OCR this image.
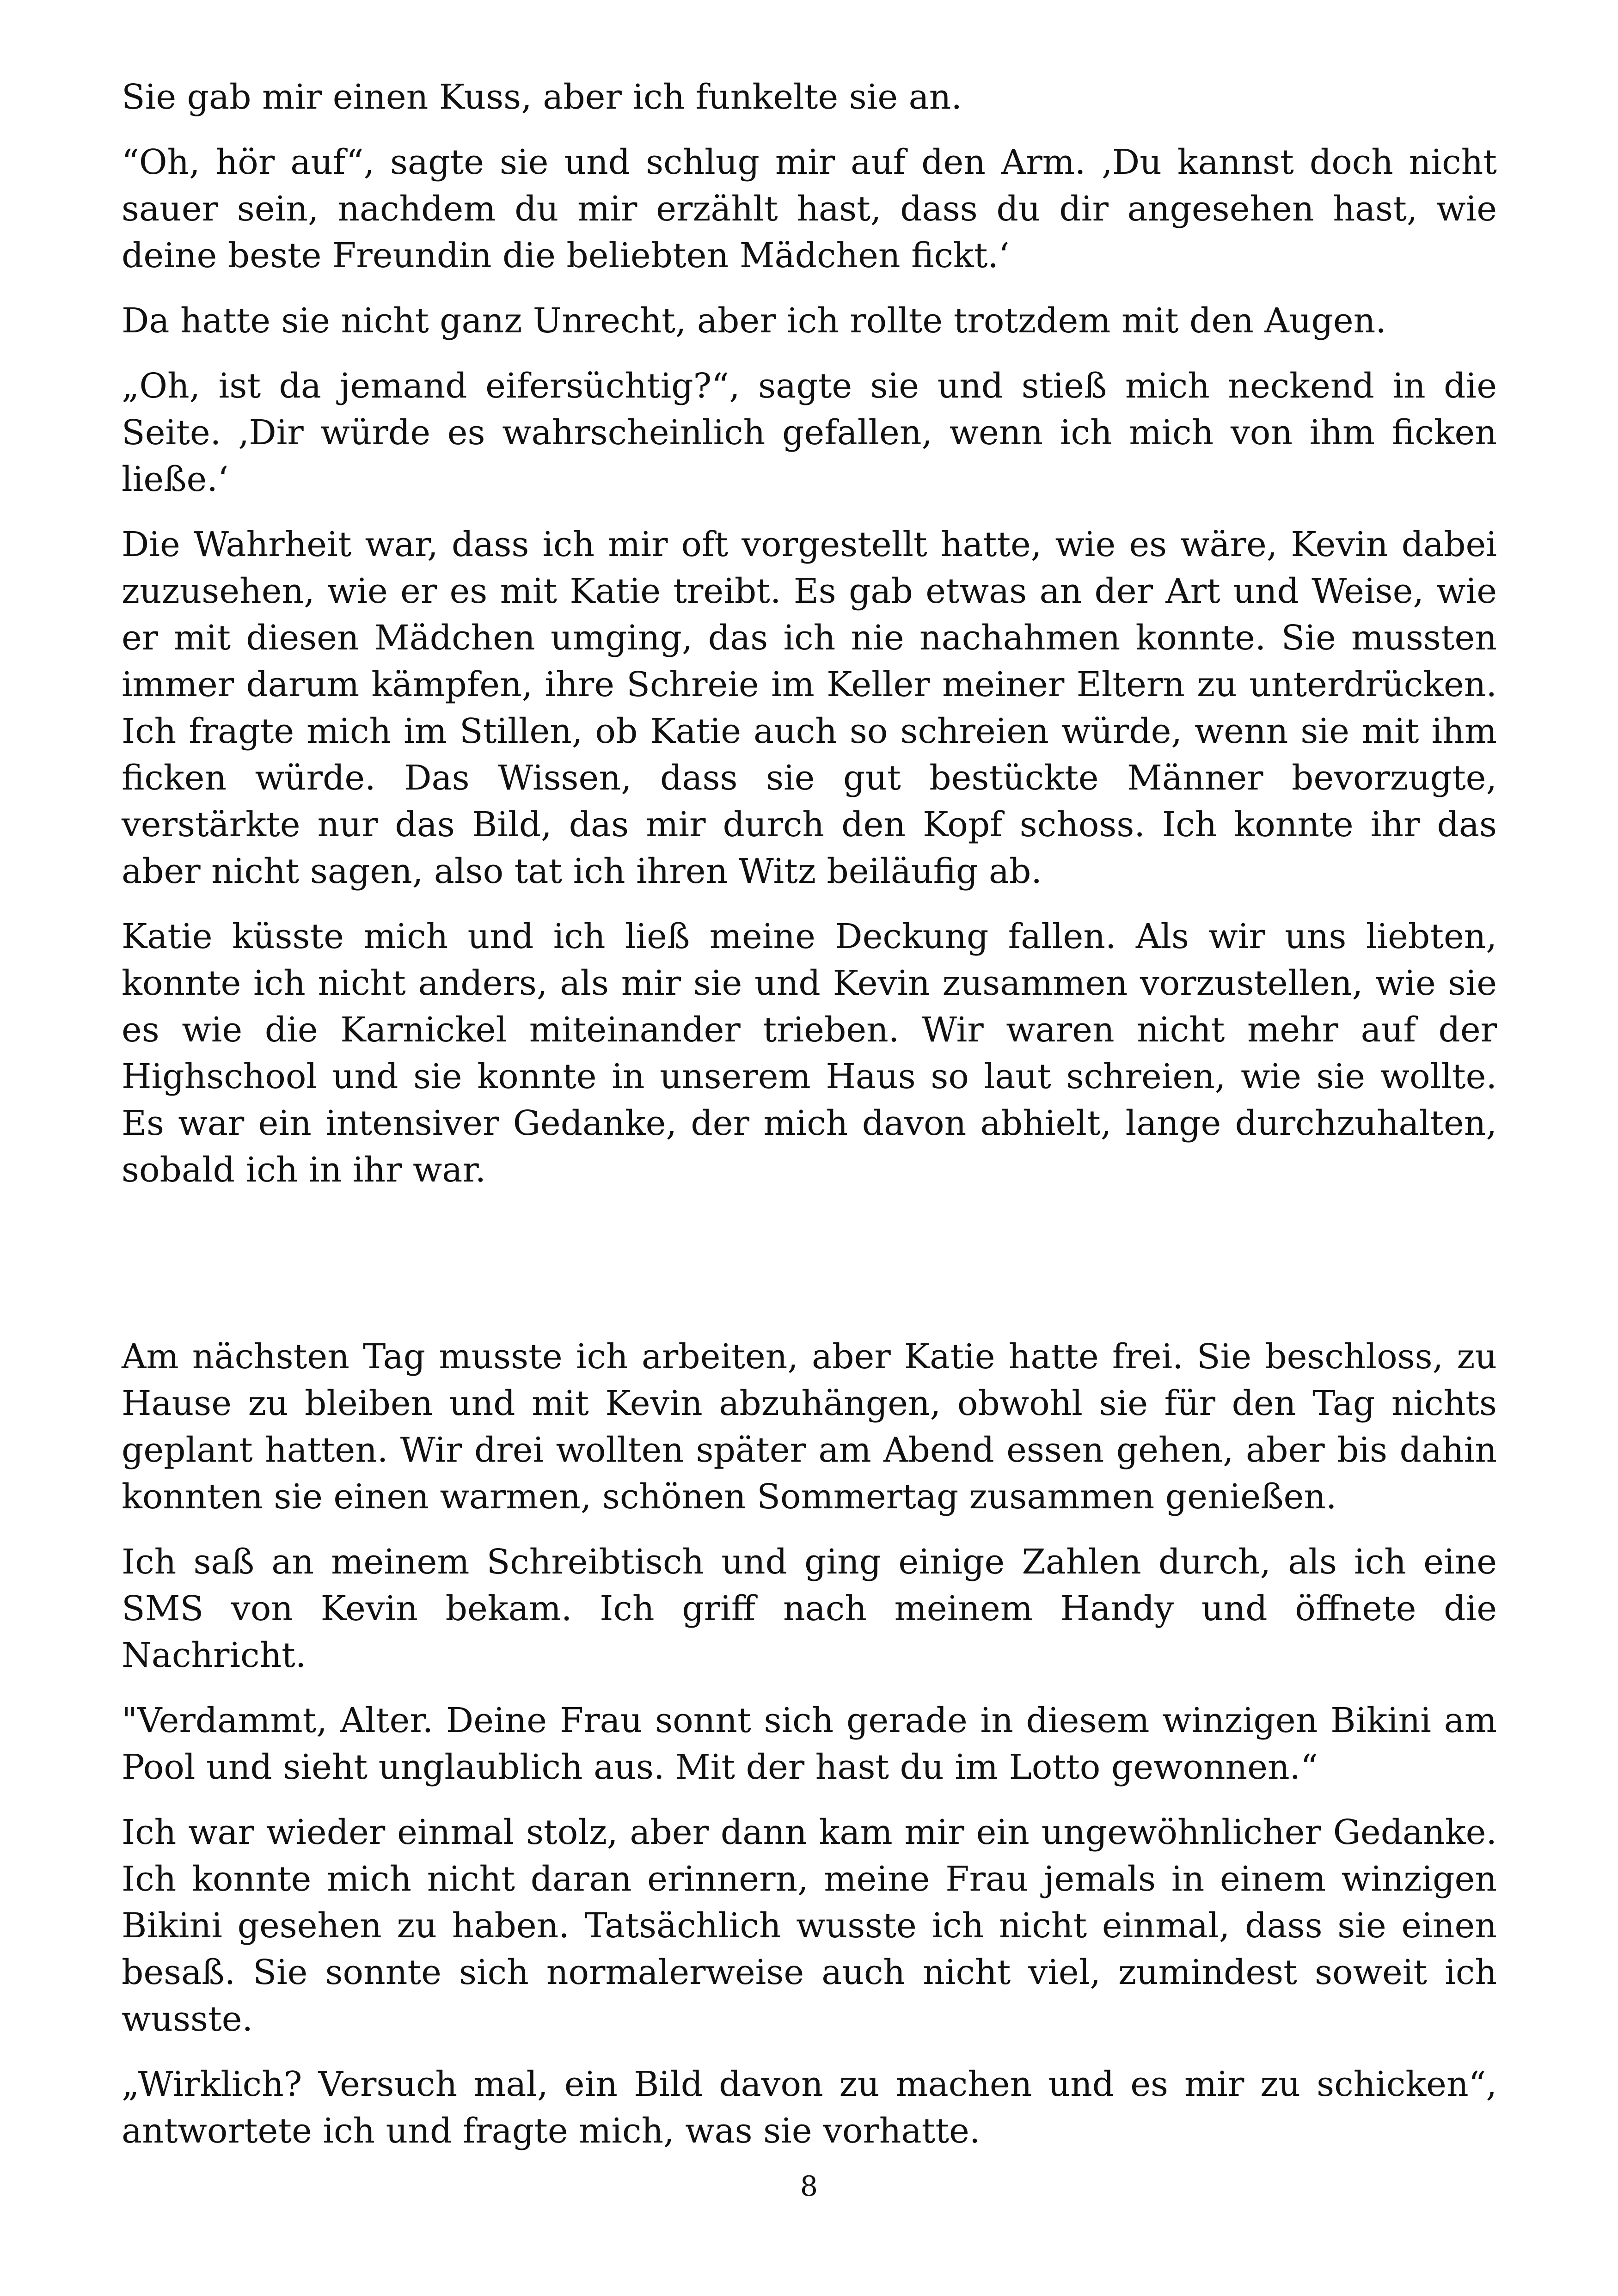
Sie gab mir einen Kuss, aber ich funkelte sie an.

“Oh, hör auf“, sagte sie und schlug mir auf den Arm. ‚Du kannst doch nicht sauer sein, nachdem du mir erzählt hast, dass du dir angesehen hast, wie deine beste Freundin die beliebten Mädchen fickt.‘

Da hatte sie nicht ganz Unrecht, aber ich rollte trotzdem mit den Augen.

„Oh, ist da jemand eifersüchtig?“, sagte sie und stieß mich neckend in die Seite. ‚Dir würde es wahrscheinlich gefallen, wenn ich mich von ihm ficken ließe.‘

Die Wahrheit war, dass ich mir oft vorgestellt hatte, wie es wäre, Kevin dabei zuzusehen, wie er es mit Katie treibt. Es gab etwas an der Art und Weise, wie er mit diesen Mädchen umging, das ich nie nachahmen konnte. Sie mussten immer darum kämpfen, ihre Schreie im Keller meiner Eltern zu unterdrücken. Ich fragte mich im Stillen, ob Katie auch so schreien würde, wenn sie mit ihm ficken würde. Das Wissen, dass sie gut bestückte Männer bevorzugte, verstärkte nur das Bild, das mir durch den Kopf schoss. Ich konnte ihr das aber nicht sagen, also tat ich ihren Witz beiläufig ab.

Katie küsste mich und ich ließ meine Deckung fallen. Als wir uns liebten, konnte ich nicht anders, als mir sie und Kevin zusammen vorzustellen, wie sie es wie die Karnickel miteinander trieben. Wir waren nicht mehr auf der Highschool und sie konnte in unserem Haus so laut schreien, wie sie wollte. Es war ein intensiver Gedanke, der mich davon abhielt, lange durchzuhalten, sobald ich in ihr war.

Am nächsten Tag musste ich arbeiten, aber Katie hatte frei. Sie beschloss, zu Hause zu bleiben und mit Kevin abzuhängen, obwohl sie für den Tag nichts geplant hatten. Wir drei wollten später am Abend essen gehen, aber bis dahin konnten sie einen warmen, schönen Sommertag zusammen genießen.

Ich saß an meinem Schreibtisch und ging einige Zahlen durch, als ich eine SMS von Kevin bekam. Ich griff nach meinem Handy und öffnete die Nachricht.

"Verdammt, Alter. Deine Frau sonnt sich gerade in diesem winzigen Bikini am Pool und sieht unglaublich aus. Mit der hast du im Lotto gewonnen.“

Ich war wieder einmal stolz, aber dann kam mir ein ungewöhnlicher Gedanke. Ich konnte mich nicht daran erinnern, meine Frau jemals in einem winzigen Bikini gesehen zu haben. Tatsächlich wusste ich nicht einmal, dass sie einen besaß. Sie sonnte sich normalerweise auch nicht viel, zumindest soweit ich wusste.

„Wirklich? Versuch mal, ein Bild davon zu machen und es mir zu schicken“, antwortete ich und fragte mich, was sie vorhatte.

8
